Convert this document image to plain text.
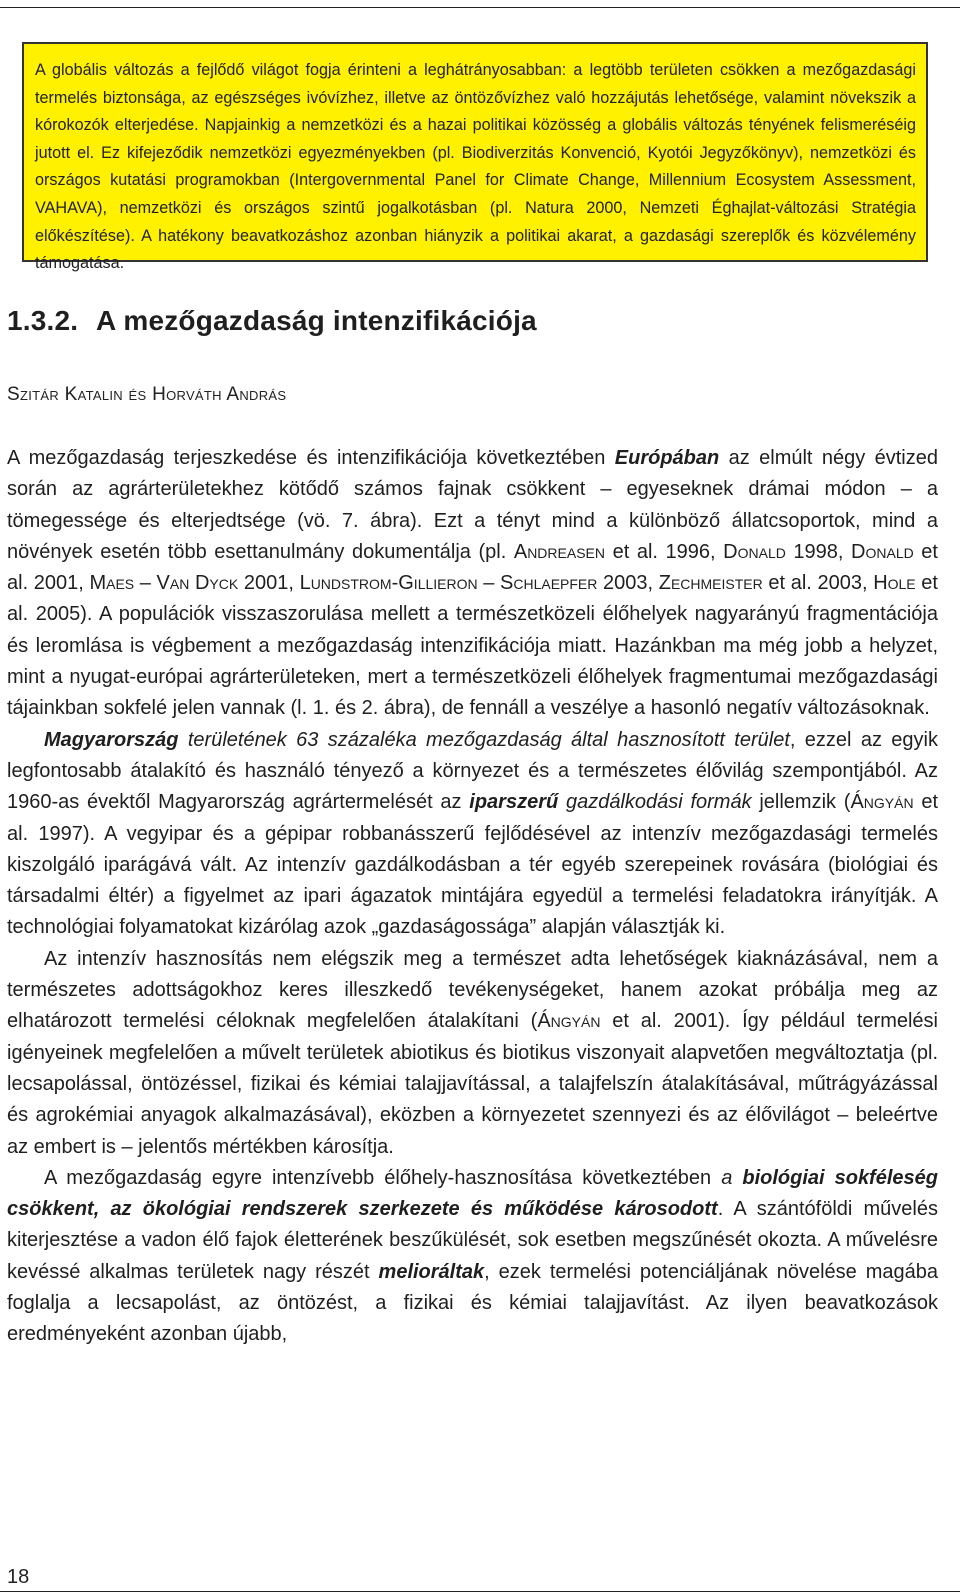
A globális változás a fejlődő világot fogja érinteni a leghátrányosabban: a legtöbb területen csökken a mezőgazdasági termelés biztonsága, az egészséges ivóvízhez, illetve az öntözővízhez való hozzájutás lehetősége, valamint növekszik a kórokozók elterjedése. Napjainkig a nemzetközi és a hazai politikai közösség a globális változás tényének felismeréséig jutott el. Ez kifejeződik nemzetközi egyezményekben (pl. Biodiverzitás Konvenció, Kyotói Jegyzőkönyv), nemzetközi és országos kutatási programokban (Intergovernmental Panel for Climate Change, Millennium Ecosystem Assessment, VAHAVA), nemzetközi és országos szintű jogalkotásban (pl. Natura 2000, Nemzeti Éghajlat-változási Stratégia előkészítése). A hatékony beavatkozáshoz azonban hiányzik a politikai akarat, a gazdasági szereplők és közvélemény támogatása.
1.3.2. A mezőgazdaság intenzifikációja

Szitár Katalin és Horváth András

A mezőgazdaság terjeszkedése és intenzifikációja következtében Európában az elmúlt négy évtized során az agrárterületekhez kötődő számos fajnak csökkent – egyeseknek drámai módon – a tömegessége és elterjedtsége (vö. 7. ábra). Ezt a tényt mind a különböző állatcsoportok, mind a növények esetén több esettanulmány dokumentálja (pl. Andreasen et al. 1996, Donald 1998, Donald et al. 2001, Maes – Van Dyck 2001, Lundstrom-Gillieron – Schlaepfer 2003, Zechmeister et al. 2003, Hole et al. 2005). A populációk visszaszorulása mellett a természetközeli élőhelyek nagyarányú fragmentációja és leromlása is végbement a mezőgazdaság intenzifikációja miatt. Hazánkban ma még jobb a helyzet, mint a nyugat-európai agrárterületeken, mert a természetközeli élőhelyek fragmentumai mezőgazdasági tájainkban sokfelé jelen vannak (l. 1. és 2. ábra), de fennáll a veszélye a hasonló negatív változásoknak.

Magyarország területének 63 százaléka mezőgazdaság által hasznosított terület, ezzel az egyik legfontosabb átalakító és használó tényező a környezet és a természetes élővilág szempontjából. Az 1960-as évektől Magyarország agrártermelését az iparszerű gazdálkodási formák jellemzik (Ángyán et al. 1997). A vegyipar és a gépipar robbanásszerű fejlődésével az intenzív mezőgazdasági termelés kiszolgáló iparágává vált. Az intenzív gazdálkodásban a tér egyéb szerepeinek rovására (biológiai és társadalmi éltér) a figyelmet az ipari ágazatok mintájára egyedül a termelési feladatokra irányítják. A technológiai folyamatokat kizárólag azok „gazdaságossága” alapján választják ki.

Az intenzív hasznosítás nem elégszik meg a természet adta lehetőségek kiaknázásával, nem a természetes adottságokhoz keres illeszkedő tevékenységeket, hanem azokat próbálja meg az elhatározott termelési céloknak megfelelően átalakítani (Ángyán et al. 2001). Így például termelési igényeinek megfelelően a művelt területek abiotikus és biotikus viszonyait alapvetően megváltoztatja (pl. lecsapolással, öntözéssel, fizikai és kémiai talajjavítással, a talajfelszín átalakításával, műtrágyázással és agrokémiai anyagok alkalmazásával), eközben a környezetet szennyezi és az élővilágot – beleértve az embert is – jelentős mértékben károsítja.

A mezőgazdaság egyre intenzívebb élőhely-hasznosítása következtében a biológiai sokféleség csökkent, az ökológiai rendszerek szerkezete és működése károsodott. A szántóföldi művelés kiterjesztése a vadon élő fajok életterének beszűkülését, sok esetben megszűnését okozta. A művelésre kevéssé alkalmas területek nagy részét melioráltak, ezek termelési potenciáljának növelése magába foglalja a lecsapolást, az öntözést, a fizikai és kémiai talajjavítást. Az ilyen beavatkozások eredményeként azonban újabb,

18
